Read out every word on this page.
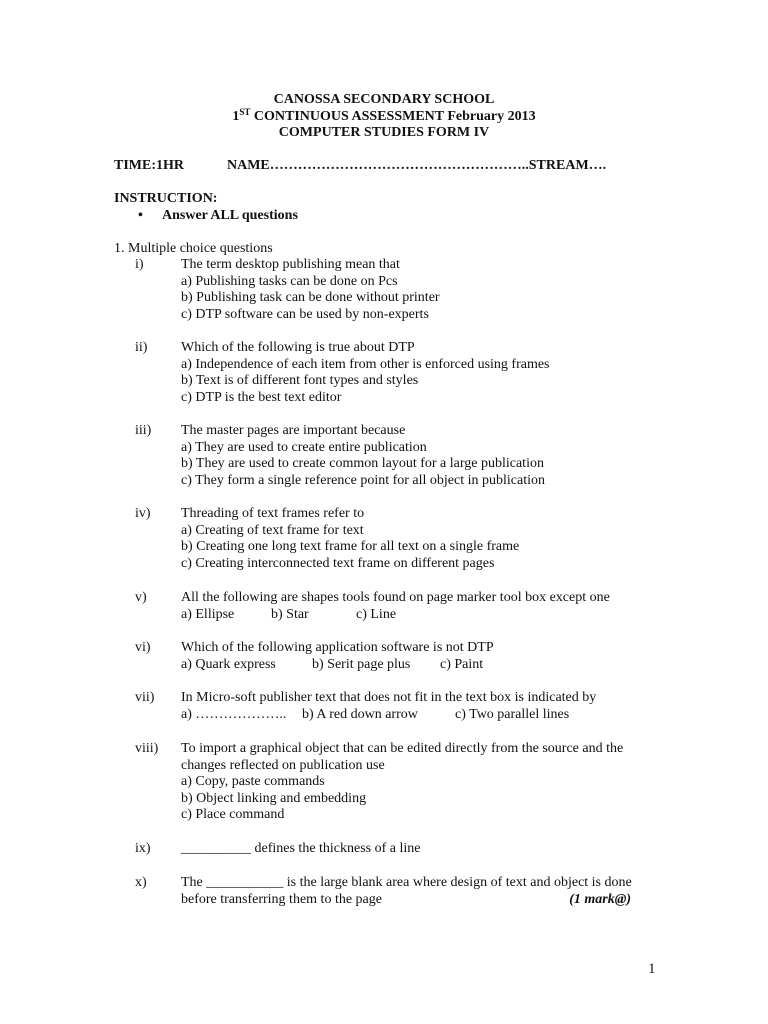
CANOSSA SECONDARY SCHOOL
1ST CONTINUOUS ASSESSMENT February 2013
COMPUTER STUDIES FORM IV
TIME:1HR	NAME………………………………………………..STREAM….
INSTRUCTION:
• Answer ALL questions
1. Multiple choice questions
i)	The term desktop publishing mean that
a) Publishing tasks can be done on Pcs
b) Publishing task can be done without printer
c) DTP software can be used by non-experts
ii) Which of the following is true about DTP
a) Independence of each item from other is enforced using frames
b) Text is of different font types and styles
c) DTP is the best text editor
iii) The master pages are important because
a) They are used to create entire publication
b) They are used to create common layout for a large publication
c) They form a single reference point for all object in publication
iv) Threading of text frames refer to
a) Creating of text frame for text
b) Creating one long text frame for all text on a single frame
c) Creating interconnected text frame on different pages
v) All the following are shapes tools found on page marker tool box except one
a) Ellipse	b) Star	c) Line
vi) Which of the following application software is not DTP
a) Quark express	b) Serit page plus c) Paint
vii) In Micro-soft publisher text that does not fit in the text box is indicated by
a) ……………….. b) A red down arrow	c) Two parallel lines
viii) To import a graphical object that can be edited directly from the source and the
changes reflected on publication use
a) Copy, paste commands
b) Object linking and embedding
c) Place command
ix) __________ defines the thickness of a line
x) The ___________ is the large blank area where design of text and object is done
before transferring them to the page	(1 mark@)
1
